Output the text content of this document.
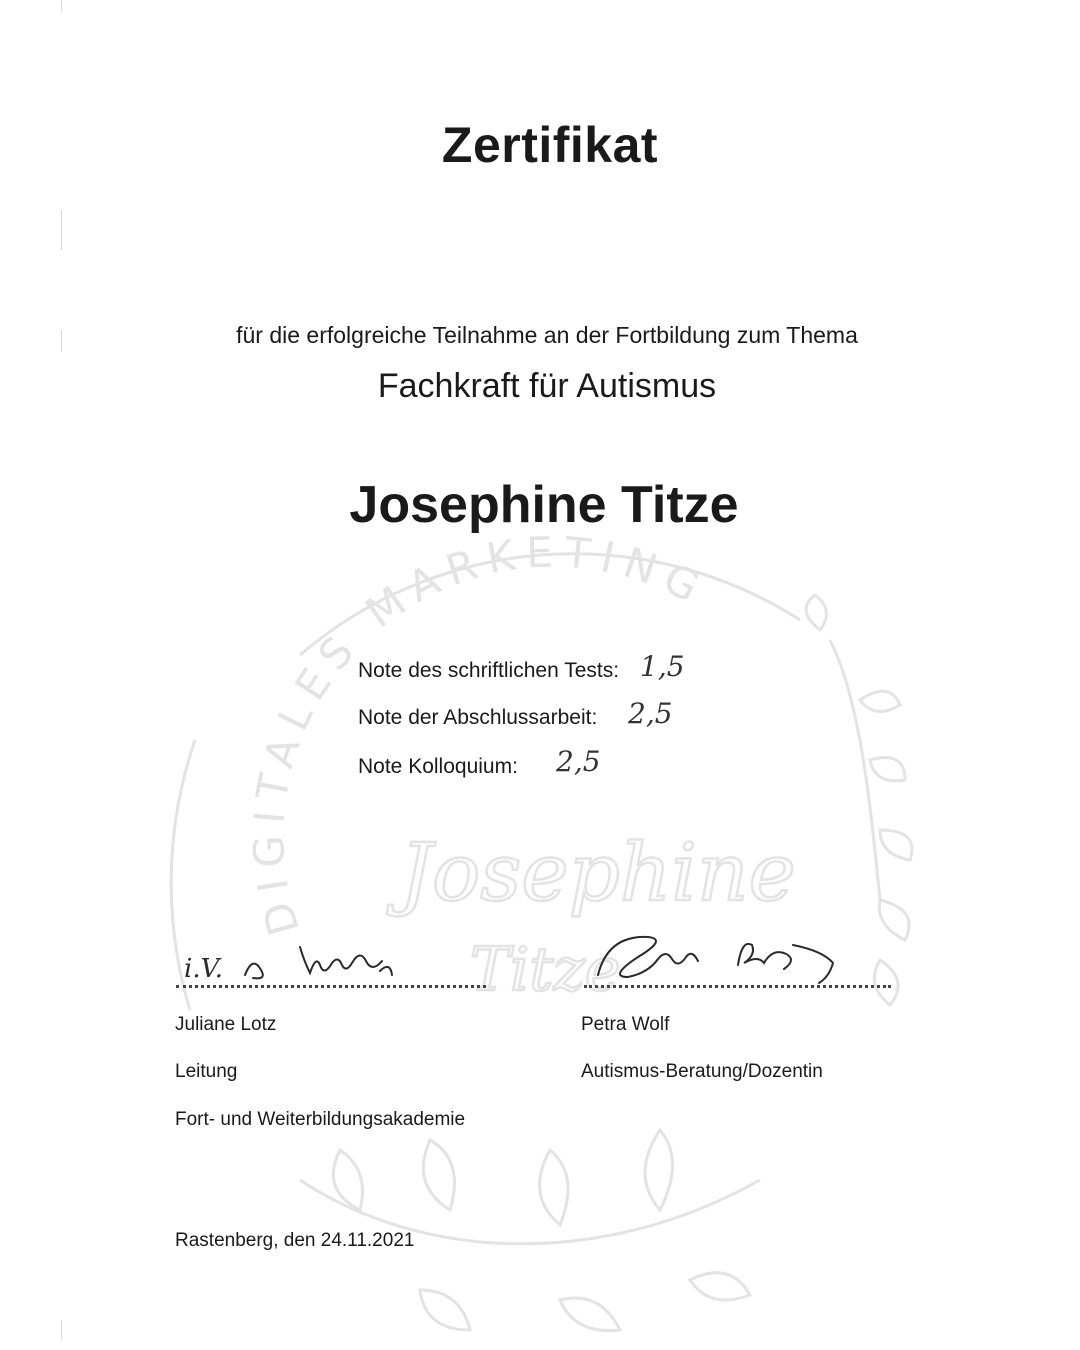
DIGITALES MARKETING
Josephine
Titze
Zertifikat
für die erfolgreiche Teilnahme an der Fortbildung zum Thema
Fachkraft für Autismus
Josephine Titze
Note des schriftlichen Tests: 1,5
Note der Abschlussarbeit: 2,5
Note Kolloquium: 2,5
i.V.
Juliane Lotz
Leitung
Fort- und Weiterbildungsakademie
Petra Wolf
Autismus-Beratung/Dozentin
Rastenberg, den 24.11.2021
